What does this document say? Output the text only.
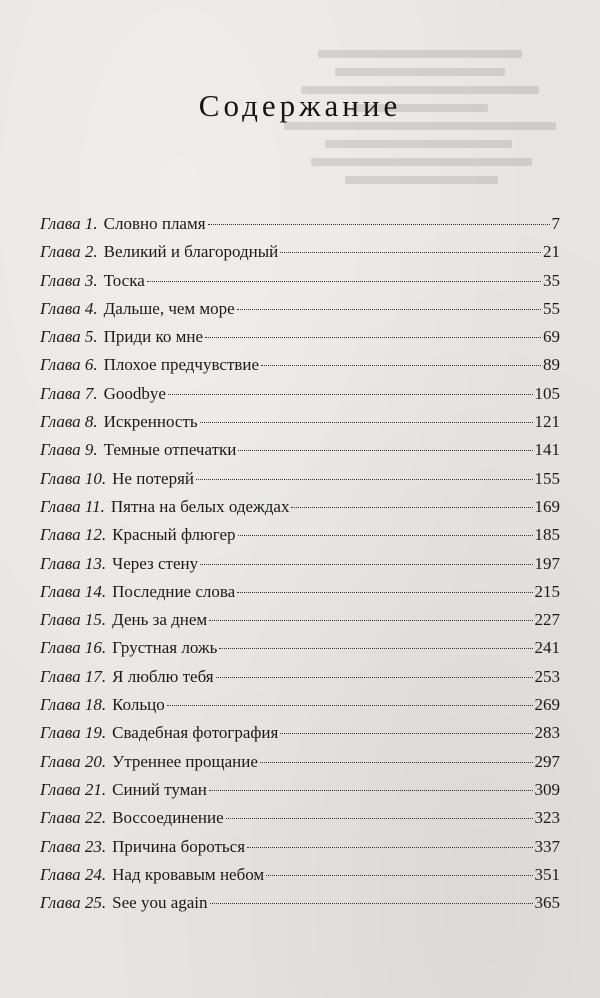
Содержание
Глава 1. Словно пламя	7
Глава 2. Великий и благородный	21
Глава 3. Тоска	35
Глава 4. Дальше, чем море	55
Глава 5. Приди ко мне	69
Глава 6. Плохое предчувствие	89
Глава 7. Goodbye	105
Глава 8. Искренность	121
Глава 9. Темные отпечатки	141
Глава 10. Не потеряй	155
Глава 11. Пятна на белых одеждах	169
Глава 12. Красный флюгер	185
Глава 13. Через стену	197
Глава 14. Последние слова	215
Глава 15. День за днем	227
Глава 16. Грустная ложь	241
Глава 17. Я люблю тебя	253
Глава 18. Кольцо	269
Глава 19. Свадебная фотография	283
Глава 20. Утреннее прощание	297
Глава 21. Синий туман	309
Глава 22. Воссоединение	323
Глава 23. Причина бороться	337
Глава 24. Над кровавым небом	351
Глава 25. See you again	365
